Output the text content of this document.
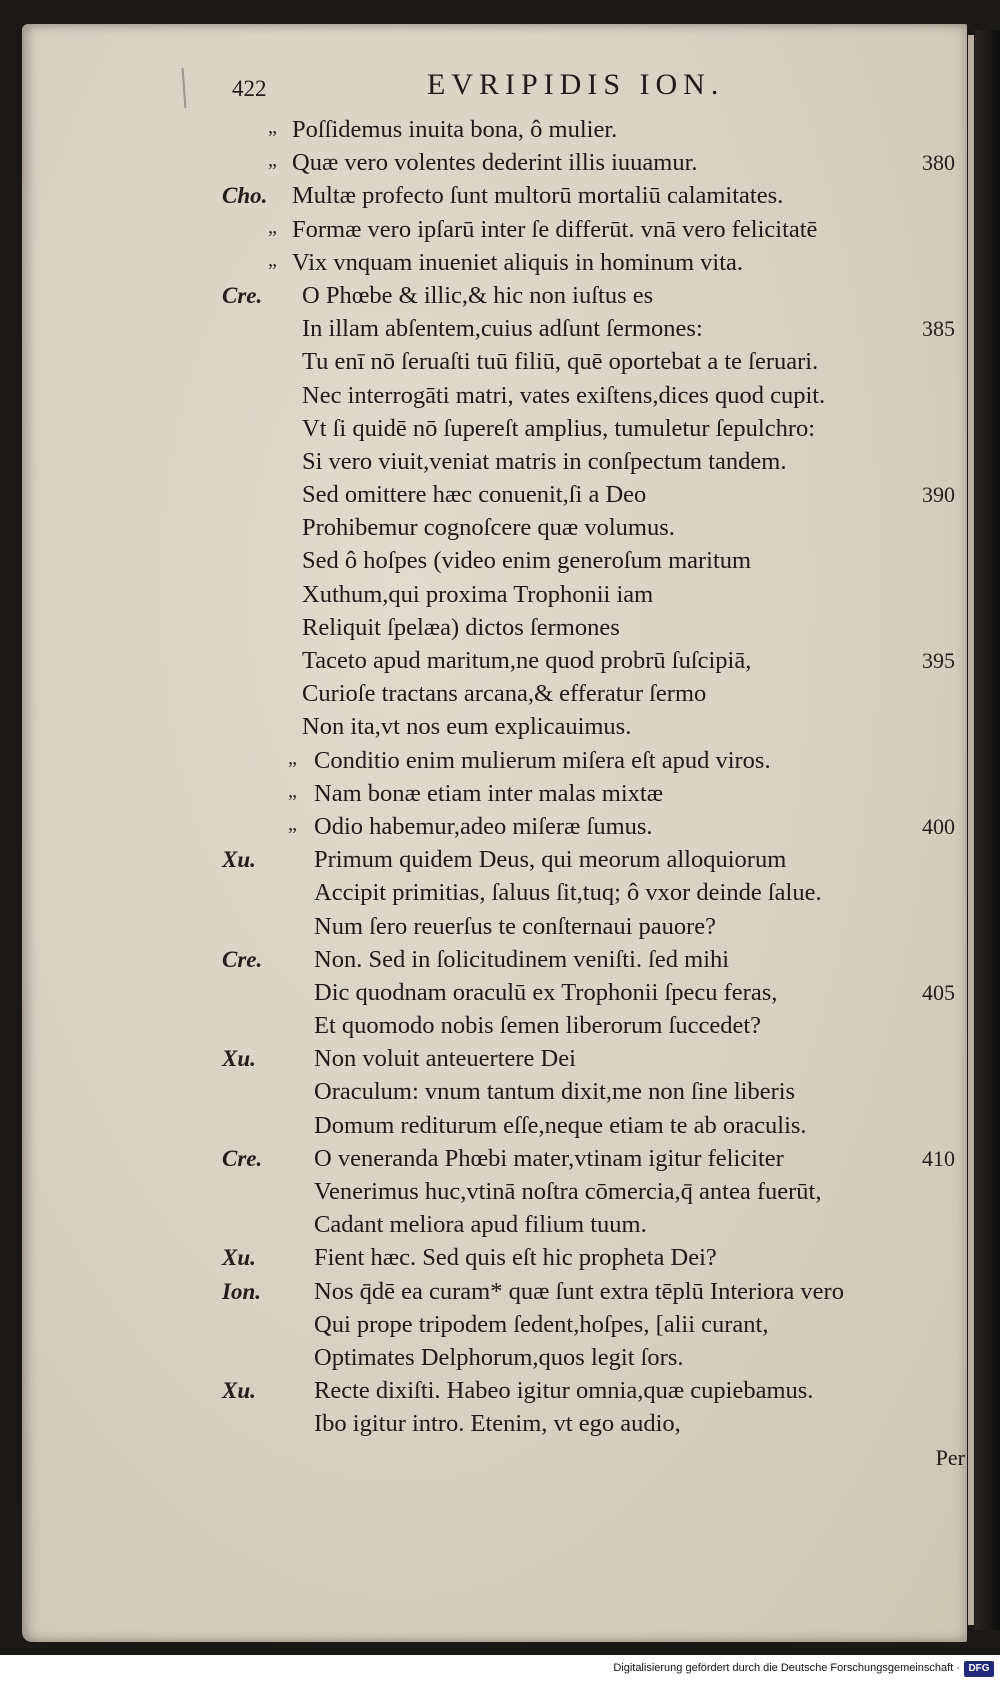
422	EVRIPIDIS ION.
„ Poſſidemus inuita bona, ô mulier.
„ Quæ vero volentes dederint illis iuuamur.	380
Cho. Multæ profecto ſunt multorū mortaliū calamitates.
„ Formæ vero ipſarū inter ſe differūt. vnā vero felicitatē
„ Vix vnquam inueniet aliquis in hominum vita.
Cre. O Phœbe & illic,& hic non iuſtus es
In illam abſentem,cuius adſunt ſermones:	385
Tu enī nō ſeruaſti tuū filiū, quē oportebat a te ſeruari.
Nec interrogāti matri, vates exiſtens,dices quod cupit.
Vt ſi quidē nō ſupereſt amplius, tumuletur ſepulchro:
Si vero viuit,veniat matris in conſpectum tandem.
Sed omittere hæc conuenit,ſi a Deo	390
Prohibemur cognoſcere quæ volumus.
Sed ô hoſpes (video enim generoſum maritum
Xuthum,qui proxima Trophonii iam
Reliquit ſpelæa) dictos ſermones
Taceto apud maritum,ne quod probrū ſuſcipiā,	395
Curioſe tractans arcana,& efferatur ſermo
Non ita,vt nos eum explicauimus.
„ Conditio enim mulierum miſera eſt apud viros.
„ Nam bonæ etiam inter malas mixtæ
„ Odio habemur,adeo miſeræ ſumus.	400
Xu. Primum quidem Deus, qui meorum alloquiorum
Accipit primitias, ſaluus ſit,tuq; ô vxor deinde ſalue.
Num ſero reuerſus te conſternaui pauore?
Cre. Non. Sed in ſolicitudinem veniſti. ſed mihi
Dic quodnam oraculū ex Trophonii ſpecu feras,	405
Et quomodo nobis ſemen liberorum ſuccedet?
Xu. Non voluit anteuertere Dei
Oraculum: vnum tantum dixit,me non ſine liberis
Domum rediturum eſſe,neque etiam te ab oraculis.
Cre. O veneranda Phœbi mater,vtinam igitur feliciter	410
Venerimus huc,vtinā noſtra cōmercia,q̄ antea fuerūt,
Cadant meliora apud filium tuum.
Xu. Fient hæc. Sed quis eſt hic propheta Dei?
Ion. Nos q̄dē ea curam* quæ ſunt extra tēplū Interiora vero
Qui prope tripodem ſedent,hoſpes, [alii curant,
Optimates Delphorum,quos legit ſors.
Xu. Recte dixiſti. Habeo igitur omnia,quæ cupiebamus.
Ibo igitur intro. Etenim, vt ego audio,
Per
Digitalisierung gefördert durch die Deutsche Forschungsgemeinschaft · DFG
